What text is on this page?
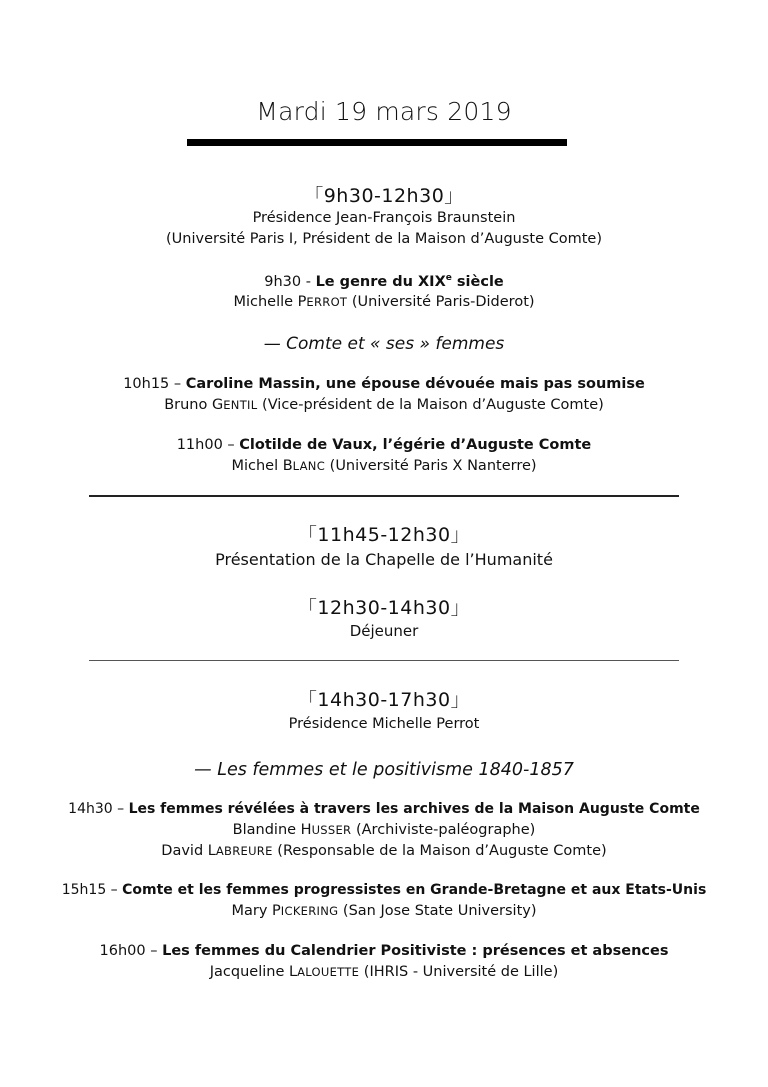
Mardi 19 mars 2019
「9h30-12h30」
Présidence Jean-François Braunstein
(Université Paris I, Président de la Maison d’Auguste Comte)
9h30 - Le genre du XIXe siècle
Michelle PERROT (Université Paris-Diderot)
— Comte et « ses » femmes
10h15 – Caroline Massin, une épouse dévouée mais pas soumise
Bruno GENTIL (Vice-président de la Maison d’Auguste Comte)
11h00 – Clotilde de Vaux, l’égérie d’Auguste Comte
Michel BLANC (Université Paris X Nanterre)
「11h45-12h30」
Présentation de la Chapelle de l’Humanité
「12h30-14h30」
Déjeuner
「14h30-17h30」
Présidence Michelle Perrot
— Les femmes et le positivisme 1840-1857
14h30 – Les femmes révélées à travers les archives de la Maison Auguste Comte
Blandine HUSSER (Archiviste-paléographe)
David LABREURE (Responsable de la Maison d’Auguste Comte)
15h15 – Comte et les femmes progressistes en Grande-Bretagne et aux Etats-Unis
Mary PICKERING (San Jose State University)
16h00 – Les femmes du Calendrier Positiviste : présences et absences
Jacqueline LALOUETTE (IHRIS - Université de Lille)
